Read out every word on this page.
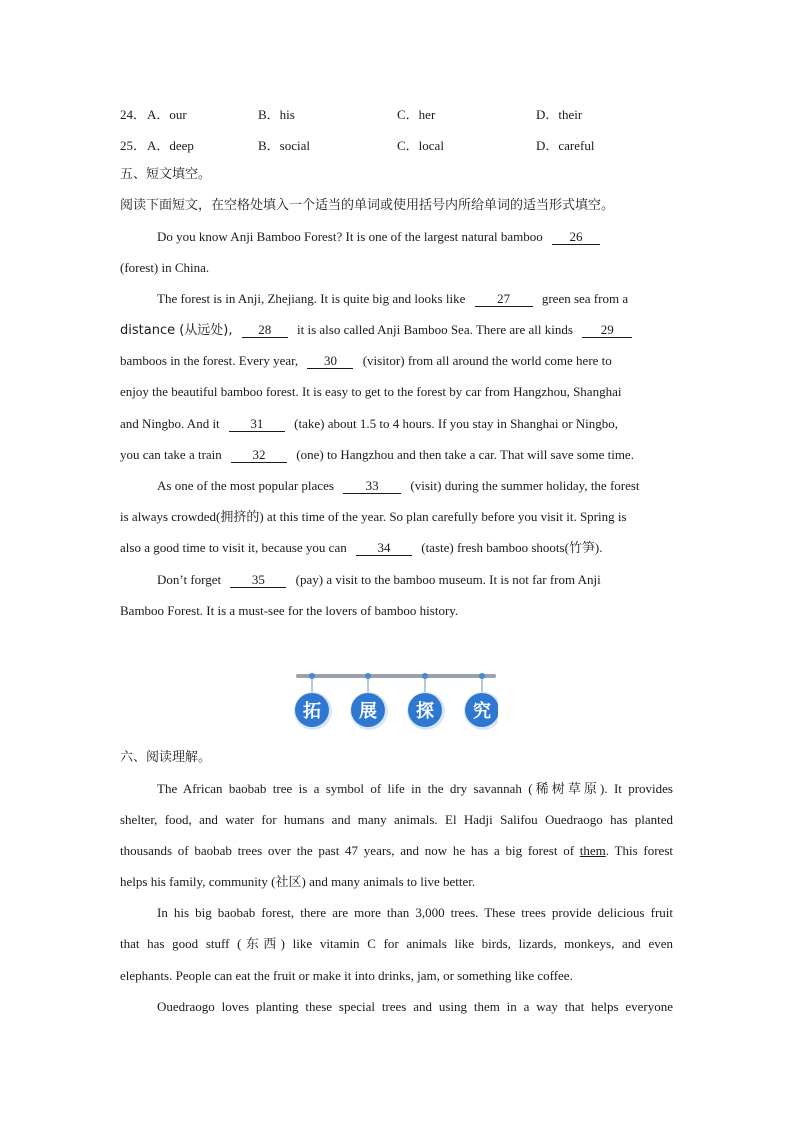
24． A．our	B．his	C．her	D．their
25． A．deep	B．social	C．local	D．careful
五、短文填空。
阅读下面短文，在空格处填入一个适当的单词或使用括号内所给单词的适当形式填空。
Do you know Anji Bamboo Forest? It is one of the largest natural bamboo 26
(forest) in China.
The forest is in Anji, Zhejiang. It is quite big and looks like 27 green sea from a
distance (从远处), 28 it is also called Anji Bamboo Sea. There are all kinds 29
bamboos in the forest. Every year, 30 (visitor) from all around the world come here to
enjoy the beautiful bamboo forest. It is easy to get to the forest by car from Hangzhou, Shanghai
and Ningbo. And it 31 (take) about 1.5 to 4 hours. If you stay in Shanghai or Ningbo,
you can take a train 32 (one) to Hangzhou and then take a car. That will save some time.
As one of the most popular places 33 (visit) during the summer holiday, the forest
is always crowded(拥挤的) at this time of the year. So plan carefully before you visit it. Spring is
also a good time to visit it, because you can 34 (taste) fresh bamboo shoots(竹笋).
Don’t forget 35 (pay) a visit to the bamboo museum. It is not far from Anji
Bamboo Forest. It is a must-see for the lovers of bamboo history.
拓 展 探 究
六、阅读理解。
The African baobab tree is a symbol of life in the dry savannah (稀树草原). It provides
shelter, food, and water for humans and many animals. El Hadji Salifou Ouedraogo has planted
thousands of baobab trees over the past 47 years, and now he has a big forest of them. This forest
helps his family, community (社区) and many animals to live better.
In his big baobab forest, there are more than 3,000 trees. These trees provide delicious fruit
that has good stuff (东西) like vitamin C for animals like birds, lizards, monkeys, and even
elephants. People can eat the fruit or make it into drinks, jam, or something like coffee.
Ouedraogo loves planting these special trees and using them in a way that helps everyone
